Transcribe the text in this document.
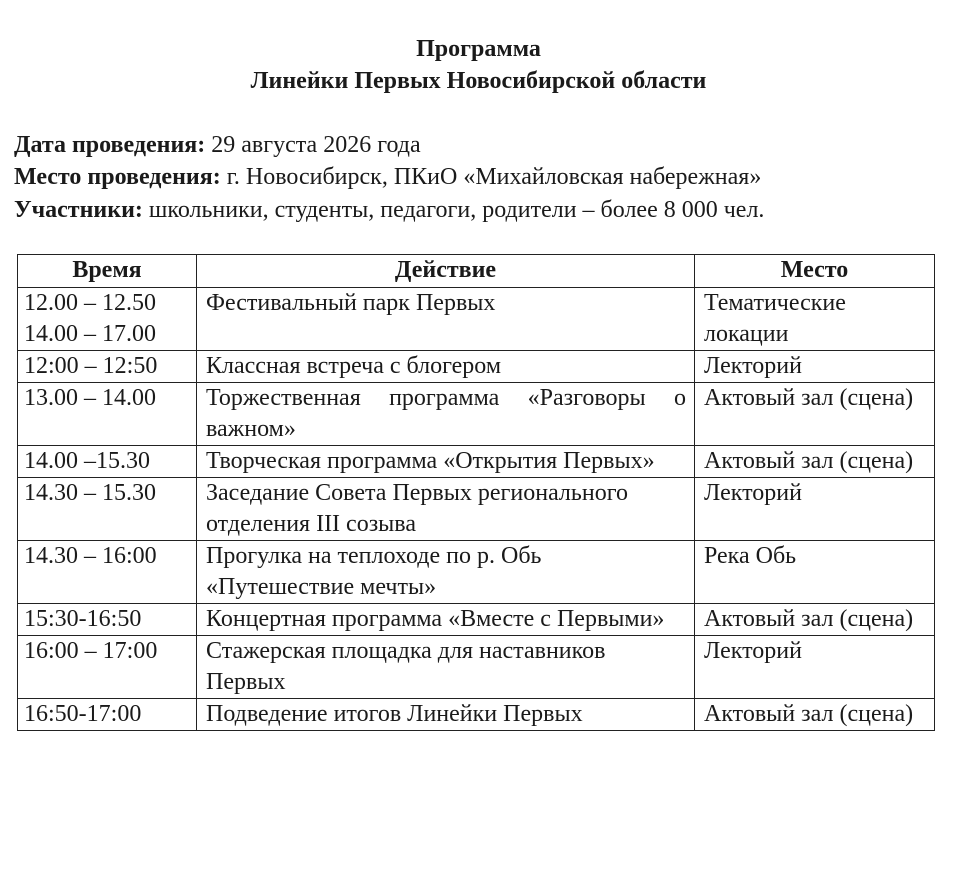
Программа
Линейки Первых Новосибирской области
Дата проведения: 29 августа 2026 года
Место проведения: г. Новосибирск, ПКиО «Михайловская набережная»
Участники: школьники, студенты, педагоги, родители – более 8 000 чел.
Время	Действие	Место

12.00 – 12.50
14.00 – 17.00	Фестивальный парк Первых	Тематические локации

12:00 – 12:50	Классная встреча с блогером	Лекторий

13.00 – 14.00	Торжественная программа «Разговоры о важном»	Актовый зал (сцена)

14.00 –15.30	Творческая программа «Открытия Первых»	Актовый зал (сцена)

14.30 – 15.30	Заседание Совета Первых регионального отделения III созыва	Лекторий

14.30 – 16:00	Прогулка на теплоходе по р. Обь «Путешествие мечты»	Река Обь

15:30-16:50	Концертная программа «Вместе с Первыми»	Актовый зал (сцена)

16:00 – 17:00	Стажерская площадка для наставников Первых	Лекторий

16:50-17:00	Подведение итогов Линейки Первых	Актовый зал (сцена)
